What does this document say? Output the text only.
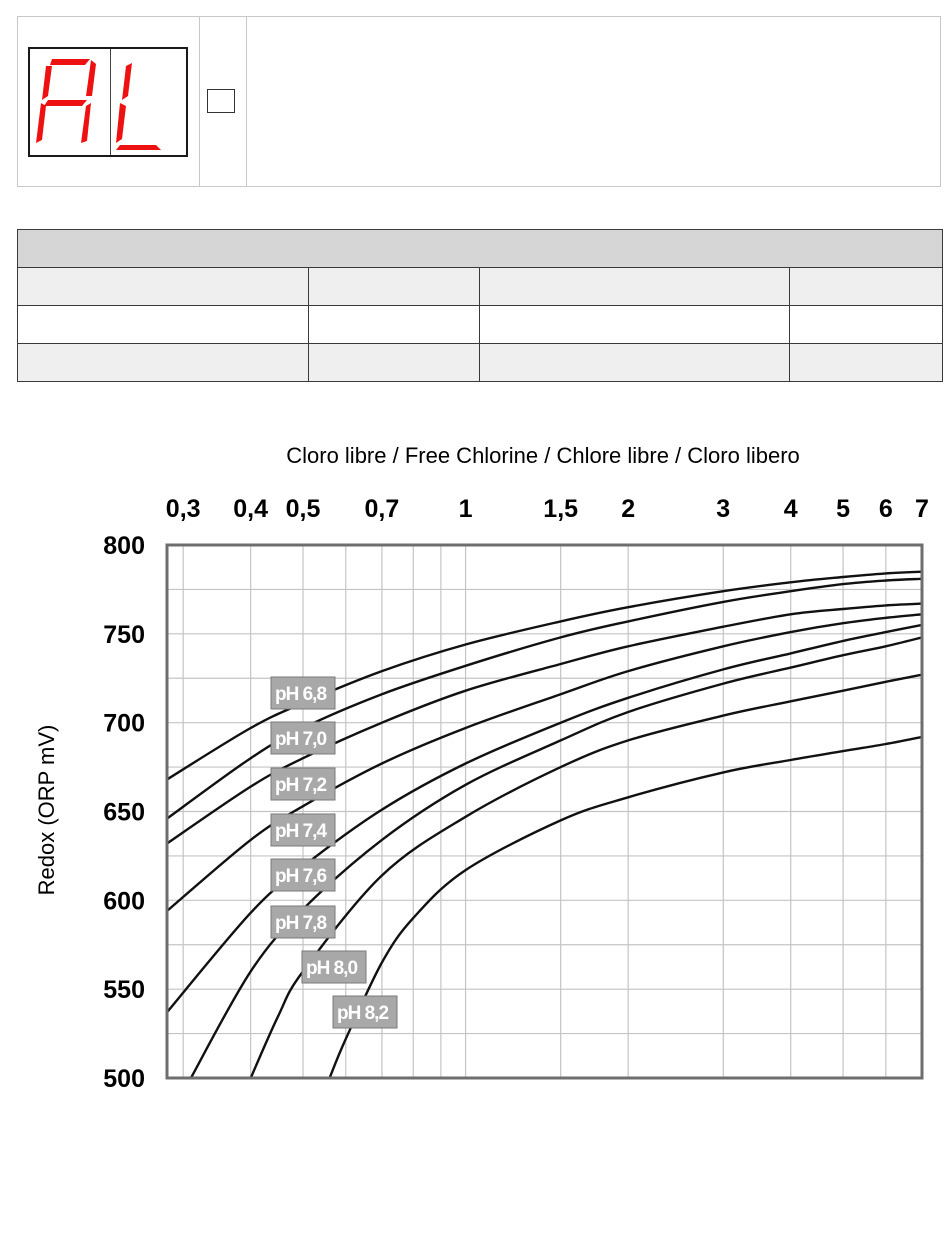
Cloro libre / Free Chlorine / Chlore libre / Cloro libero
Redox (ORP mV)
0,3 0,4 0,5 0,7 1	1,5 2	3 4 5 6 7
500
550
600
650
700
750
800
pH 6,8
pH 7,0
pH 7,2
pH 7,4
pH 7,6
pH 7,8
pH 8,0
pH 8,2
